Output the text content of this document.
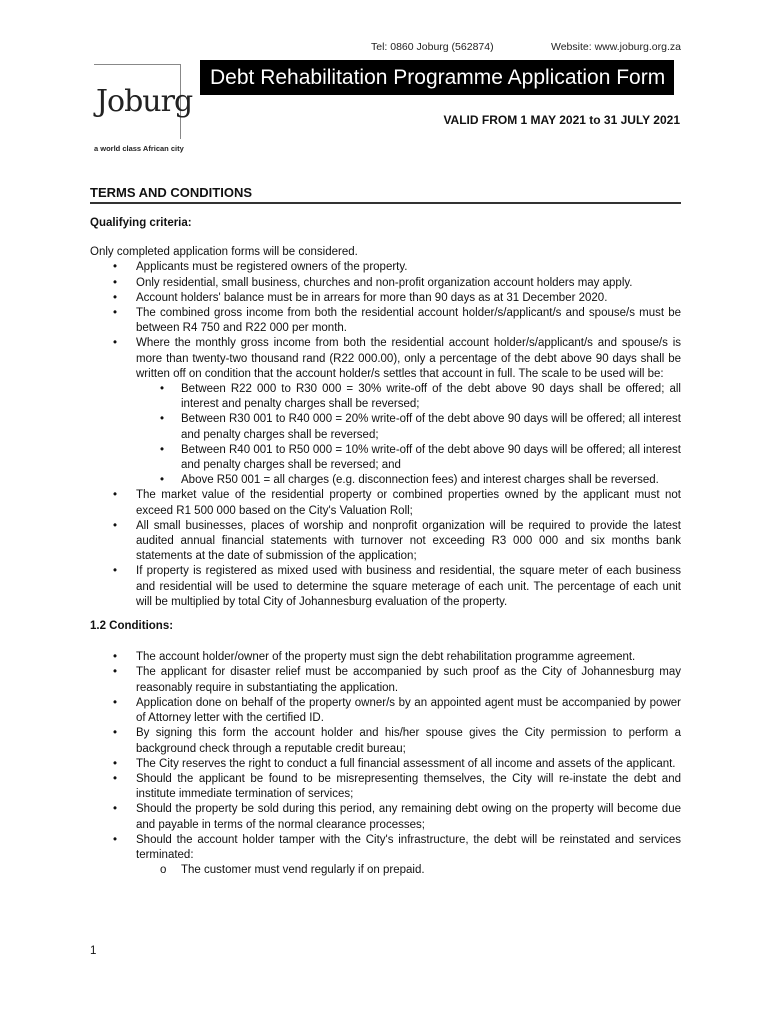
Tel: 0860 Joburg (562874)	Website: www.joburg.org.za
Joburg
a world class African city
Debt Rehabilitation Programme Application Form
VALID FROM 1 MAY 2021 to 31 JULY 2021
TERMS AND CONDITIONS

Qualifying criteria:

Only completed application forms will be considered.

• Applicants must be registered owners of the property.
• Only residential, small business, churches and non-profit organization account holders may apply.
• Account holders' balance must be in arrears for more than 90 days as at 31 December 2020.
• The combined gross income from both the residential account holder/s/applicant/s and spouse/s must be between R4 750 and R22 000 per month.
• Where the monthly gross income from both the residential account holder/s/applicant/s and spouse/s is more than twenty-two thousand rand (R22 000.00), only a percentage of the debt above 90 days shall be written off on condition that the account holder/s settles that account in full. The scale to be used will be:
• Between R22 000 to R30 000 = 30% write-off of the debt above 90 days shall be offered; all interest and penalty charges shall be reversed;
• Between R30 001 to R40 000 = 20% write-off of the debt above 90 days will be offered; all interest and penalty charges shall be reversed;
• Between R40 001 to R50 000 = 10% write-off of the debt above 90 days will be offered; all interest and penalty charges shall be reversed; and
• Above R50 001 = all charges (e.g. disconnection fees) and interest charges shall be reversed.
• The market value of the residential property or combined properties owned by the applicant must not exceed R1 500 000 based on the City's Valuation Roll;
• All small businesses, places of worship and nonprofit organization will be required to provide the latest audited annual financial statements with turnover not exceeding R3 000 000 and six months bank statements at the date of submission of the application;
• If property is registered as mixed used with business and residential, the square meter of each business and residential will be used to determine the square meterage of each unit. The percentage of each unit will be multiplied by total City of Johannesburg evaluation of the property.

1.2 Conditions:

• The account holder/owner of the property must sign the debt rehabilitation programme agreement.
• The applicant for disaster relief must be accompanied by such proof as the City of Johannesburg may reasonably require in substantiating the application.
• Application done on behalf of the property owner/s by an appointed agent must be accompanied by power of Attorney letter with the certified ID.
• By signing this form the account holder and his/her spouse gives the City permission to perform a background check through a reputable credit bureau;
• The City reserves the right to conduct a full financial assessment of all income and assets of the applicant.
• Should the applicant be found to be misrepresenting themselves, the City will re-instate the debt and institute immediate termination of services;
• Should the property be sold during this period, any remaining debt owing on the property will become due and payable in terms of the normal clearance processes;
• Should the account holder tamper with the City's infrastructure, the debt will be reinstated and services terminated:
o The customer must vend regularly if on prepaid.
1
